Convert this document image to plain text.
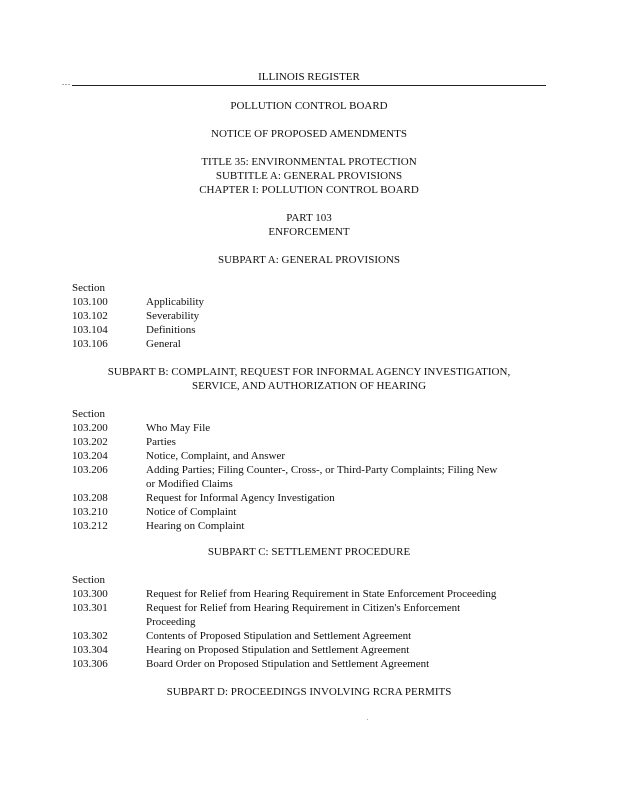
ILLINOIS REGISTER
...

POLLUTION CONTROL BOARD

NOTICE OF PROPOSED AMENDMENTS

TITLE 35: ENVIRONMENTAL PROTECTION

SUBTITLE A: GENERAL PROVISIONS

CHAPTER I: POLLUTION CONTROL BOARD

PART 103

ENFORCEMENT

SUBPART A: GENERAL PROVISIONS

Section

103.100	Applicability
103.102	Severability
103.104	Definitions
103.106	General

SUBPART B: COMPLAINT, REQUEST FOR INFORMAL AGENCY INVESTIGATION,

SERVICE, AND AUTHORIZATION OF HEARING

Section

103.200	Who May File
103.202	Parties
103.204	Notice, Complaint, and Answer
103.206	Adding Parties; Filing Counter-, Cross-, or Third-Party Complaints; Filing New
or Modified Claims
103.208	Request for Informal Agency Investigation
103.210	Notice of Complaint
103.212	Hearing on Complaint

SUBPART C: SETTLEMENT PROCEDURE

Section

103.300	Request for Relief from Hearing Requirement in State Enforcement Proceeding
103.301	Request for Relief from Hearing Requirement in Citizen's Enforcement
Proceeding
103.302	Contents of Proposed Stipulation and Settlement Agreement
103.304	Hearing on Proposed Stipulation and Settlement Agreement
103.306	Board Order on Proposed Stipulation and Settlement Agreement

SUBPART D: PROCEEDINGS INVOLVING RCRA PERMITS

.
